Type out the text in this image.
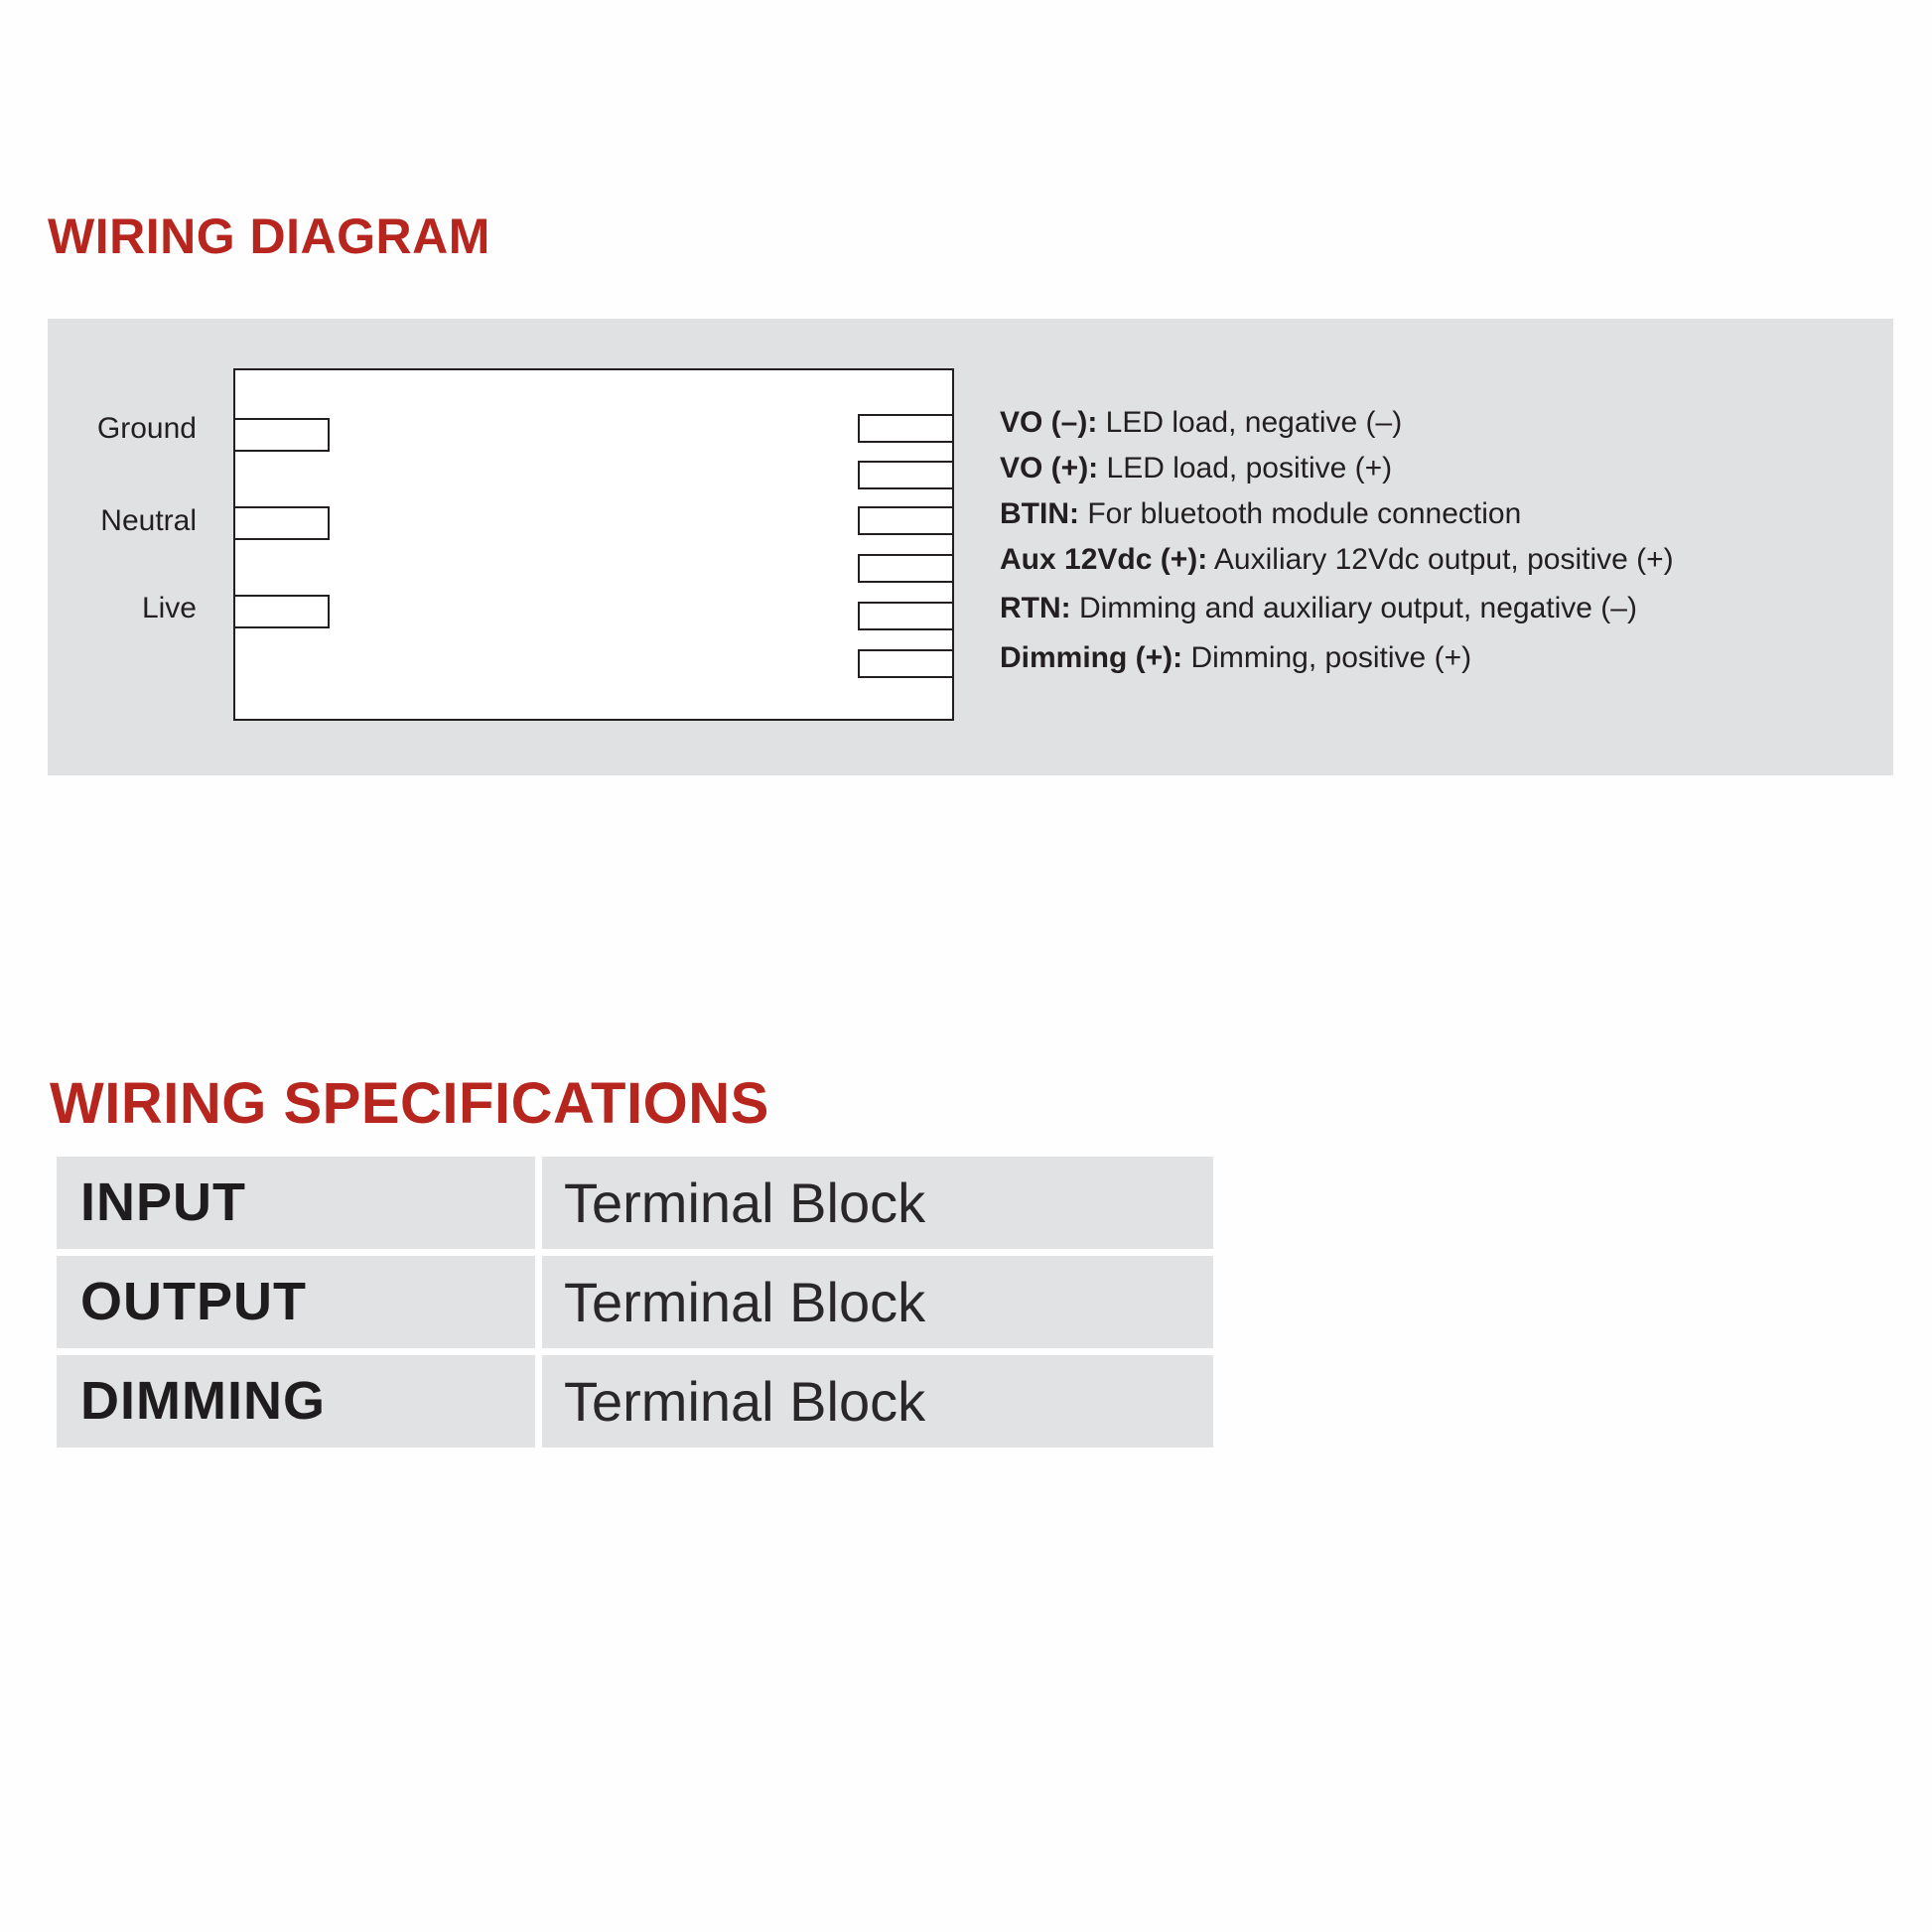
WIRING DIAGRAM
Ground
Neutral
Live
VO (–): LED load, negative (–)
VO (+): LED load, positive (+)
BTIN: For bluetooth module connection
Aux 12Vdc (+): Auxiliary 12Vdc output, positive (+)
RTN: Dimming and auxiliary output, negative (–)
Dimming (+): Dimming, positive (+)
WIRING SPECIFICATIONS
INPUT	Terminal Block
OUTPUT	Terminal Block
DIMMING	Terminal Block
